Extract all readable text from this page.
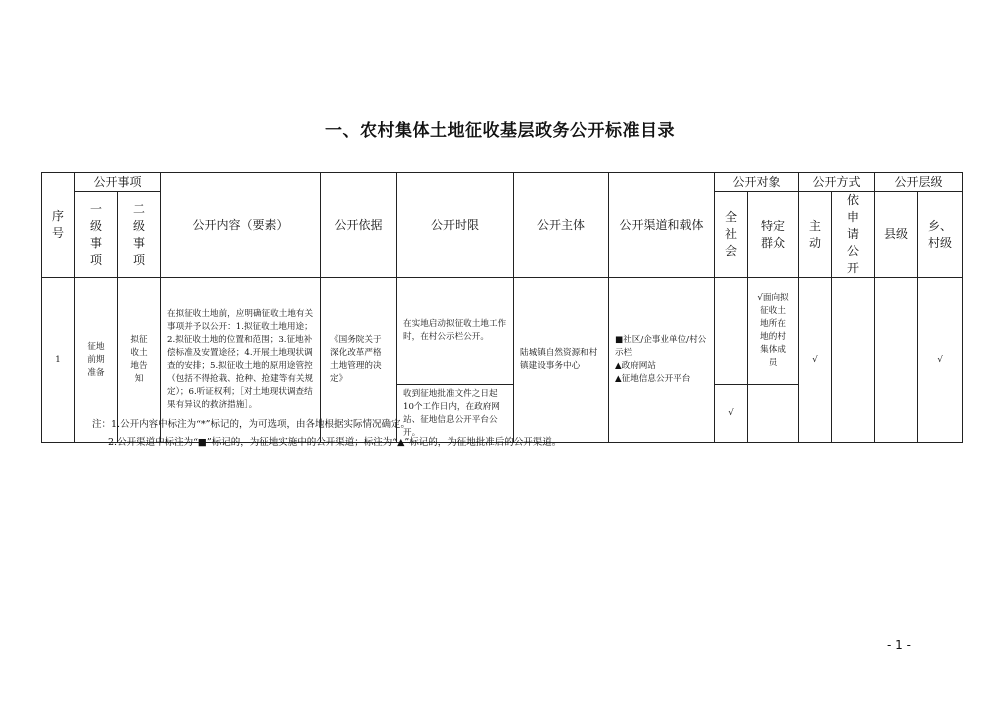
一、农村集体土地征收基层政务公开标准目录
序号	公开事项		公开内容（要素）	公开依据	公开时限	公开主体	公开渠道和载体	公开对象		公开方式		公开层级	
	一级事项	二级事项						全社会	特定群众	主动	依申请公开	县级	乡、村级
1	征地前期准备	拟征收土地告知	在拟征收土地前，应明确征收土地有关事项并予以公开：1.拟征收土地用途；2.拟征收土地的位置和范围；3.征地补偿标准及安置途径；4.开展土地现状调查的安排；5.拟征收土地的原用途管控（包括不得抢栽、抢种、抢建等有关规定）；6.听证权利；［对土地现状调查结果有异议的救济措施］。	《国务院关于深化改革严格土地管理的决定》	在实地启动拟征收土地工作时，在村公示栏公开。	陆城镇自然资源和村镇建设事务中心	■社区/企事业单位/村公示栏
▲政府网站
▲征地信息公开平台		√面向拟征收土地所在地的村集体成员	√			√
					收到征地批准文件之日起10个工作日内，在政府网站、征地信息公开平台公开。			√					
注：1.公开内容中标注为“*”标记的，为可选项，由各地根据实际情况确定。
2.公开渠道中标注为“■”标记的，为征地实施中的公开渠道；标注为“▲”标记的，为征地批准后的公开渠道。
- 1 -
